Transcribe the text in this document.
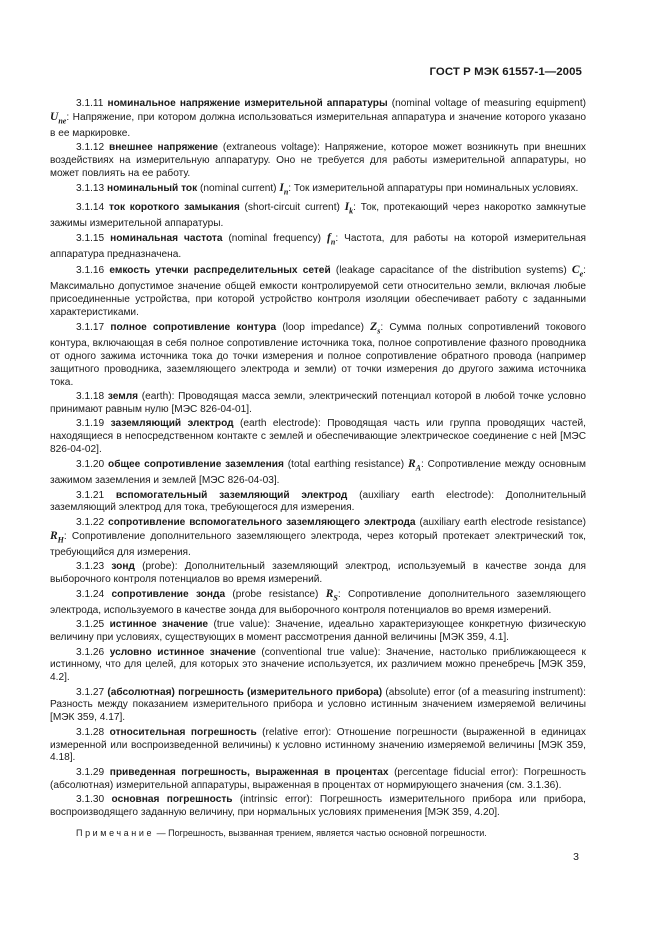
ГОСТ Р МЭК 61557-1—2005

3.1.11 номинальное напряжение измерительной аппаратуры (nominal voltage of measuring equipment) $U_{ne}$: Напряжение, при котором должна использоваться измерительная аппаратура и значение которого указано в ее маркировке.

3.1.12 внешнее напряжение (extraneous voltage): Напряжение, которое может возникнуть при внешних воздействиях на измерительную аппаратуру. Оно не требуется для работы измерительной аппаратуры, но может повлиять на ее работу.

3.1.13 номинальный ток (nominal current) $I_n$: Ток измерительной аппаратуры при номинальных условиях.

3.1.14 ток короткого замыкания (short-circuit current) $I_k$: Ток, протекающий через накоротко замкнутые зажимы измерительной аппаратуры.

3.1.15 номинальная частота (nominal frequency) $f_n$: Частота, для работы на которой измерительная аппаратура предназначена.

3.1.16 емкость утечки распределительных сетей (leakage capacitance of the distribution systems) $C_e$: Максимально допустимое значение общей емкости контролируемой сети относительно земли, включая любые присоединенные устройства, при которой устройство контроля изоляции обеспечивает работу с заданными характеристиками.

3.1.17 полное сопротивление контура (loop impedance) $Z_s$: Сумма полных сопротивлений токового контура, включающая в себя полное сопротивление источника тока, полное сопротивление фазного проводника от одного зажима источника тока до точки измерения и полное сопротивление обратного провода (например защитного проводника, заземляющего электрода и земли) от точки измерения до другого зажима источника тока.

3.1.18 земля (earth): Проводящая масса земли, электрический потенциал которой в любой точке условно принимают равным нулю [МЭС 826-04-01].

3.1.19 заземляющий электрод (earth electrode): Проводящая часть или группа проводящих частей, находящиеся в непосредственном контакте с землей и обеспечивающие электрическое соединение с ней [МЭС 826-04-02].

3.1.20 общее сопротивление заземления (total earthing resistance) $R_A$: Сопротивление между основным зажимом заземления и землей [МЭС 826-04-03].

3.1.21 вспомогательный заземляющий электрод (auxiliary earth electrode): Дополнительный заземляющий электрод для тока, требующегося для измерения.

3.1.22 сопротивление вспомогательного заземляющего электрода (auxiliary earth electrode resistance) $R_H$: Сопротивление дополнительного заземляющего электрода, через который протекает электрический ток, требующийся для измерения.

3.1.23 зонд (probe): Дополнительный заземляющий электрод, используемый в качестве зонда для выборочного контроля потенциалов во время измерений.

3.1.24 сопротивление зонда (probe resistance) $R_S$: Сопротивление дополнительного заземляющего электрода, используемого в качестве зонда для выборочного контроля потенциалов во время измерений.

3.1.25 истинное значение (true value): Значение, идеально характеризующее конкретную физическую величину при условиях, существующих в момент рассмотрения данной величины [МЭК 359, 4.1].

3.1.26 условно истинное значение (conventional true value): Значение, настолько приближающееся к истинному, что для целей, для которых это значение используется, их различием можно пренебречь [МЭК 359, 4.2].

3.1.27 (абсолютная) погрешность (измерительного прибора) (absolute) error (of a measuring instrument): Разность между показанием измерительного прибора и условно истинным значением измеряемой величины [МЭК 359, 4.17].

3.1.28 относительная погрешность (relative error): Отношение погрешности (выраженной в единицах измеренной или воспроизведенной величины) к условно истинному значению измеряемой величины [МЭК 359, 4.18].

3.1.29 приведенная погрешность, выраженная в процентах (percentage fiducial error): Погрешность (абсолютная) измерительной аппаратуры, выраженная в процентах от нормирующего значения (см. 3.1.36).

3.1.30 основная погрешность (intrinsic error): Погрешность измерительного прибора или прибора, воспроизводящего заданную величину, при нормальных условиях применения [МЭК 359, 4.20].

Примечание — Погрешность, вызванная трением, является частью основной погрешности.
3
